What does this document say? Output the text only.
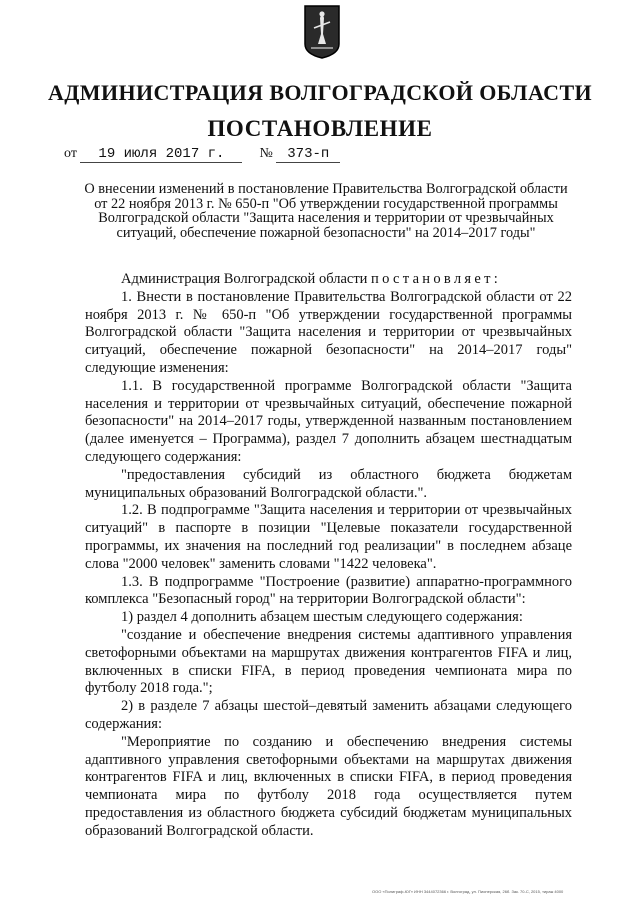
АДМИНИСТРАЦИЯ ВОЛГОГРАДСКОЙ ОБЛАСТИ
ПОСТАНОВЛЕНИЕ
от 19 июля 2017 г. № 373-п
О внесении изменений в постановление Правительства Волгоградской области от 22 ноября 2013 г. № 650-п "Об утверждении государственной программы Волгоградской области "Защита населения и территории от чрезвычайных ситуаций, обеспечение пожарной безопасности" на 2014–2017 годы"

Администрация Волгоградской области постановляет:

1. Внести в постановление Правительства Волгоградской области от 22 ноября 2013 г. № 650-п "Об утверждении государственной программы Волгоградской области "Защита населения и территории от чрезвычайных ситуаций, обеспечение пожарной безопасности" на 2014–2017 годы" следующие изменения:

1.1. В государственной программе Волгоградской области "Защита населения и территории от чрезвычайных ситуаций, обеспечение пожарной безопасности" на 2014–2017 годы, утвержденной названным постановлением (далее именуется – Программа), раздел 7 дополнить абзацем шестнадцатым следующего содержания:

"предоставления субсидий из областного бюджета бюджетам муниципальных образований Волгоградской области.".

1.2. В подпрограмме "Защита населения и территории от чрезвычайных ситуаций" в паспорте в позиции "Целевые показатели государственной программы, их значения на последний год реализации" в последнем абзаце слова "2000 человек" заменить словами "1422 человека".

1.3. В подпрограмме "Построение (развитие) аппаратно-программного комплекса "Безопасный город" на территории Волгоградской области":

1) раздел 4 дополнить абзацем шестым следующего содержания:

"создание и обеспечение внедрения системы адаптивного управления светофорными объектами на маршрутах движения контрагентов FIFA и лиц, включенных в списки FIFA, в период проведения чемпионата мира по футболу 2018 года.";

2) в разделе 7 абзацы шестой–девятый заменить абзацами следующего содержания:

"Мероприятие по созданию и обеспечению внедрения системы адаптивного управления светофорными объектами на маршрутах движения контрагентов FIFA и лиц, включенных в списки FIFA, в период проведения чемпионата мира по футболу 2018 года осуществляется путем предоставления из областного бюджета субсидий бюджетам муниципальных образований Волгоградской области.

ООО «Полиграф-ЮГ» ИНН 3444072366 г. Волгоград, ул. Пионерская, 26б. Зак. 70-С, 2015, тираж 4000
